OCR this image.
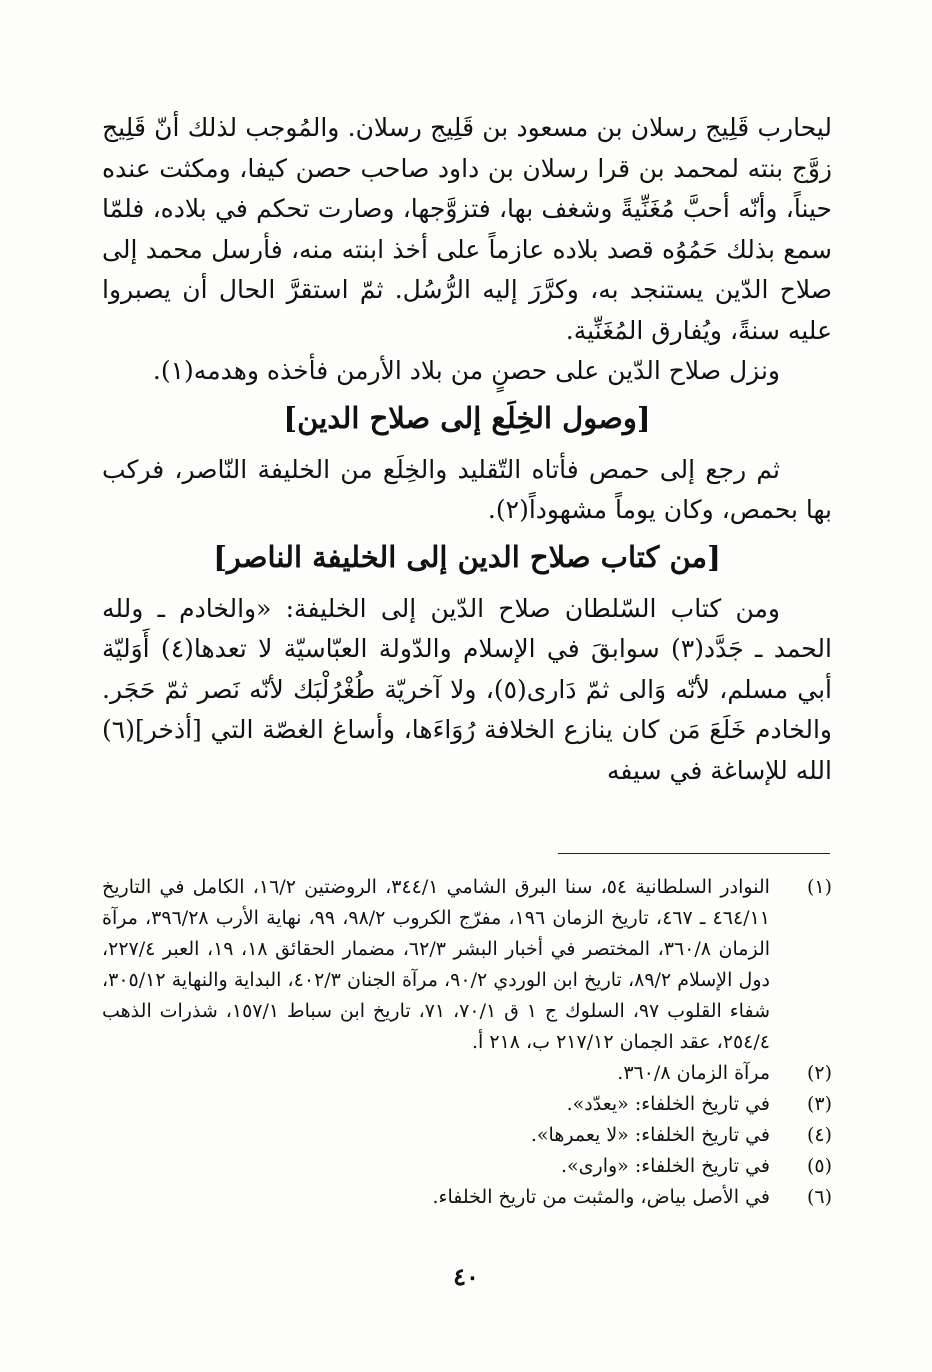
ليحارب قَلِيج رسلان بن مسعود بن قَلِيج رسلان. والمُوجب لذلك أنّ قَلِيج زوَّج بنته لمحمد بن قرا رسلان بن داود صاحب حصن كيفا، ومكثت عنده حيناً، وأنّه أحبَّ مُغَنِّيةً وشغف بها، فتزوَّجها، وصارت تحكم في بلاده، فلمّا سمع بذلك حَمُوُه قصد بلاده عازماً على أخذ ابنته منه، فأرسل محمد إلى صلاح الدّين يستنجد به، وكرَّرَ إليه الرُّسُل. ثمّ استقرَّ الحال أن يصبروا عليه سنةً، ويُفارق المُغَنِّية.

ونزل صلاح الدّين على حصنٍ من بلاد الأرمن فأخذه وهدمه(١).

[وصول الخِلَع إلى صلاح الدين]

ثم رجع إلى حمص فأتاه التّقليد والخِلَع من الخليفة النّاصر، فركب بها بحمص، وكان يوماً مشهوداً(٢).

[من كتاب صلاح الدين إلى الخليفة الناصر]

ومن كتاب السّلطان صلاح الدّين إلى الخليفة: «والخادم ـ ولله الحمد ـ جَدَّد(٣) سوابقَ في الإسلام والدّولة العبّاسيّة لا تعدها(٤) أَوَليّة أبي مسلم، لأنّه وَالى ثمّ دَارى(٥)، ولا آخريّة طُغْرُلْبَك لأنّه نَصر ثمّ حَجَر. والخادم خَلَعَ مَن كان ينازع الخلافة رُوَاءَها، وأساغ الغصّة التي [أذخر](٦) الله للإساغة في سيفه

(١)
النوادر السلطانية ٥٤، سنا البرق الشامي ٣٤٤/١، الروضتين ١٦/٢، الكامل في التاريخ ٤٦٤/١١ ـ ٤٦٧، تاريخ الزمان ١٩٦، مفرّج الكروب ٩٨/٢، ٩٩، نهاية الأرب ٣٩٦/٢٨، مرآة الزمان ٣٦٠/٨، المختصر في أخبار البشر ٦٢/٣، مضمار الحقائق ١٨، ١٩، العبر ٢٢٧/٤، دول الإسلام ٨٩/٢، تاريخ ابن الوردي ٩٠/٢، مرآة الجنان ٤٠٢/٣، البداية والنهاية ٣٠٥/١٢، شفاء القلوب ٩٧، السلوك ج ١ ق ٧٠/١، ٧١، تاريخ ابن سباط ١٥٧/١، شذرات الذهب ٢٥٤/٤، عقد الجمان ٢١٧/١٢ ب، ٢١٨ أ.
(٢)
مرآة الزمان ٣٦٠/٨.
(٣)
في تاريخ الخلفاء: «يعدّد».
(٤)
في تاريخ الخلفاء: «لا يعمرها».
(٥)
في تاريخ الخلفاء: «وارى».
(٦)
في الأصل بياض، والمثبت من تاريخ الخلفاء.
٤٠
